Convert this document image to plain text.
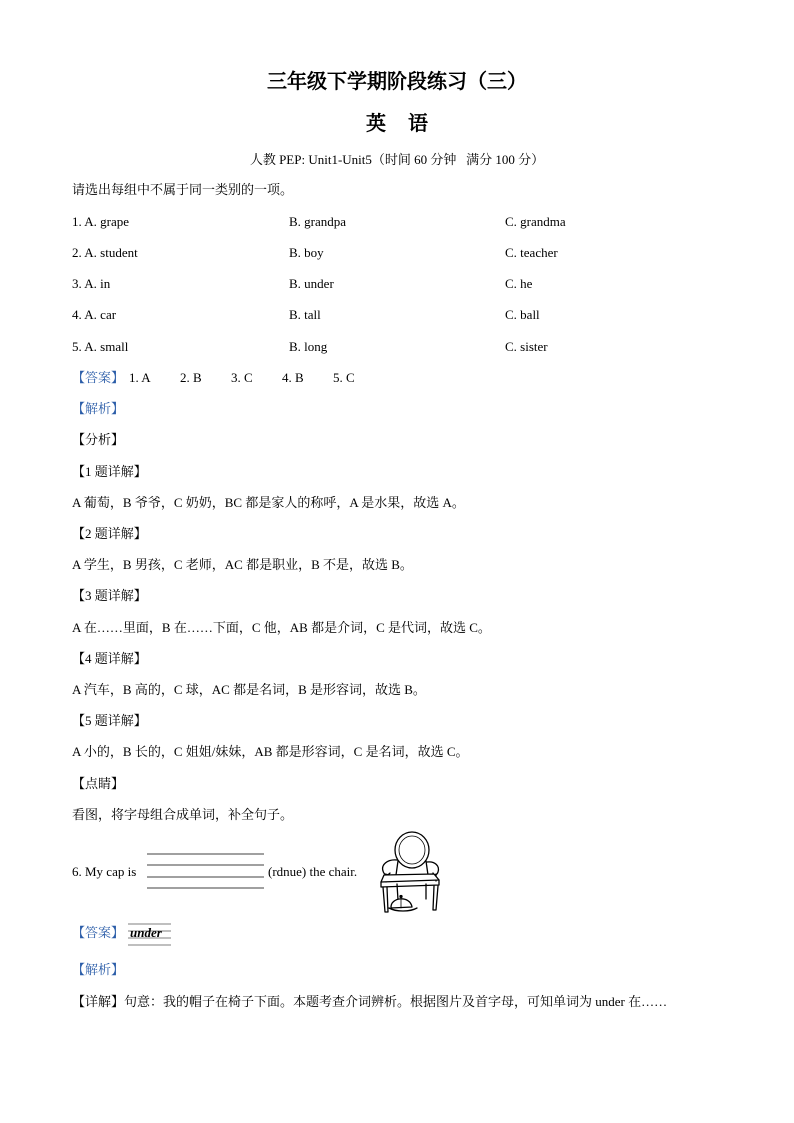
三年级下学期阶段练习（三）
英  语
人教 PEP: Unit1-Unit5（时间 60 分钟   满分 100 分）
请选出每组中不属于同一类别的一项。
1. A. grape	B. grandpa	C. grandma
2. A. student	B. boy	C. teacher
3. A. in	B. under	C. he
4. A. car	B. tall	C. ball
5. A. small	B. long	C. sister
【答案】 1. A 2. B 3. C 4. B 5. C
【解析】
【分析】
【1 题详解】
A 葡萄，B 爷爷，C 奶奶，BC 都是家人的称呼，A 是水果，故选 A。
【2 题详解】
A 学生，B 男孩，C 老师，AC 都是职业，B 不是，故选 B。
【3 题详解】
A 在……里面，B 在……下面，C 他，AB 都是介词，C 是代词，故选 C。
【4 题详解】
A 汽车，B 高的，C 球，AC 都是名词，B 是形容词，故选 B。
【5 题详解】
A 小的，B 长的，C 姐姐/妹妹，AB 都是形容词，C 是名词，故选 C。
【点睛】
看图，将字母组合成单词，补全句子。
6. My cap is	(rdnue) the chair.
【答案】 under
【解析】
【详解】句意：我的帽子在椅子下面。本题考查介词辨析。根据图片及首字母，可知单词为 under 在……
